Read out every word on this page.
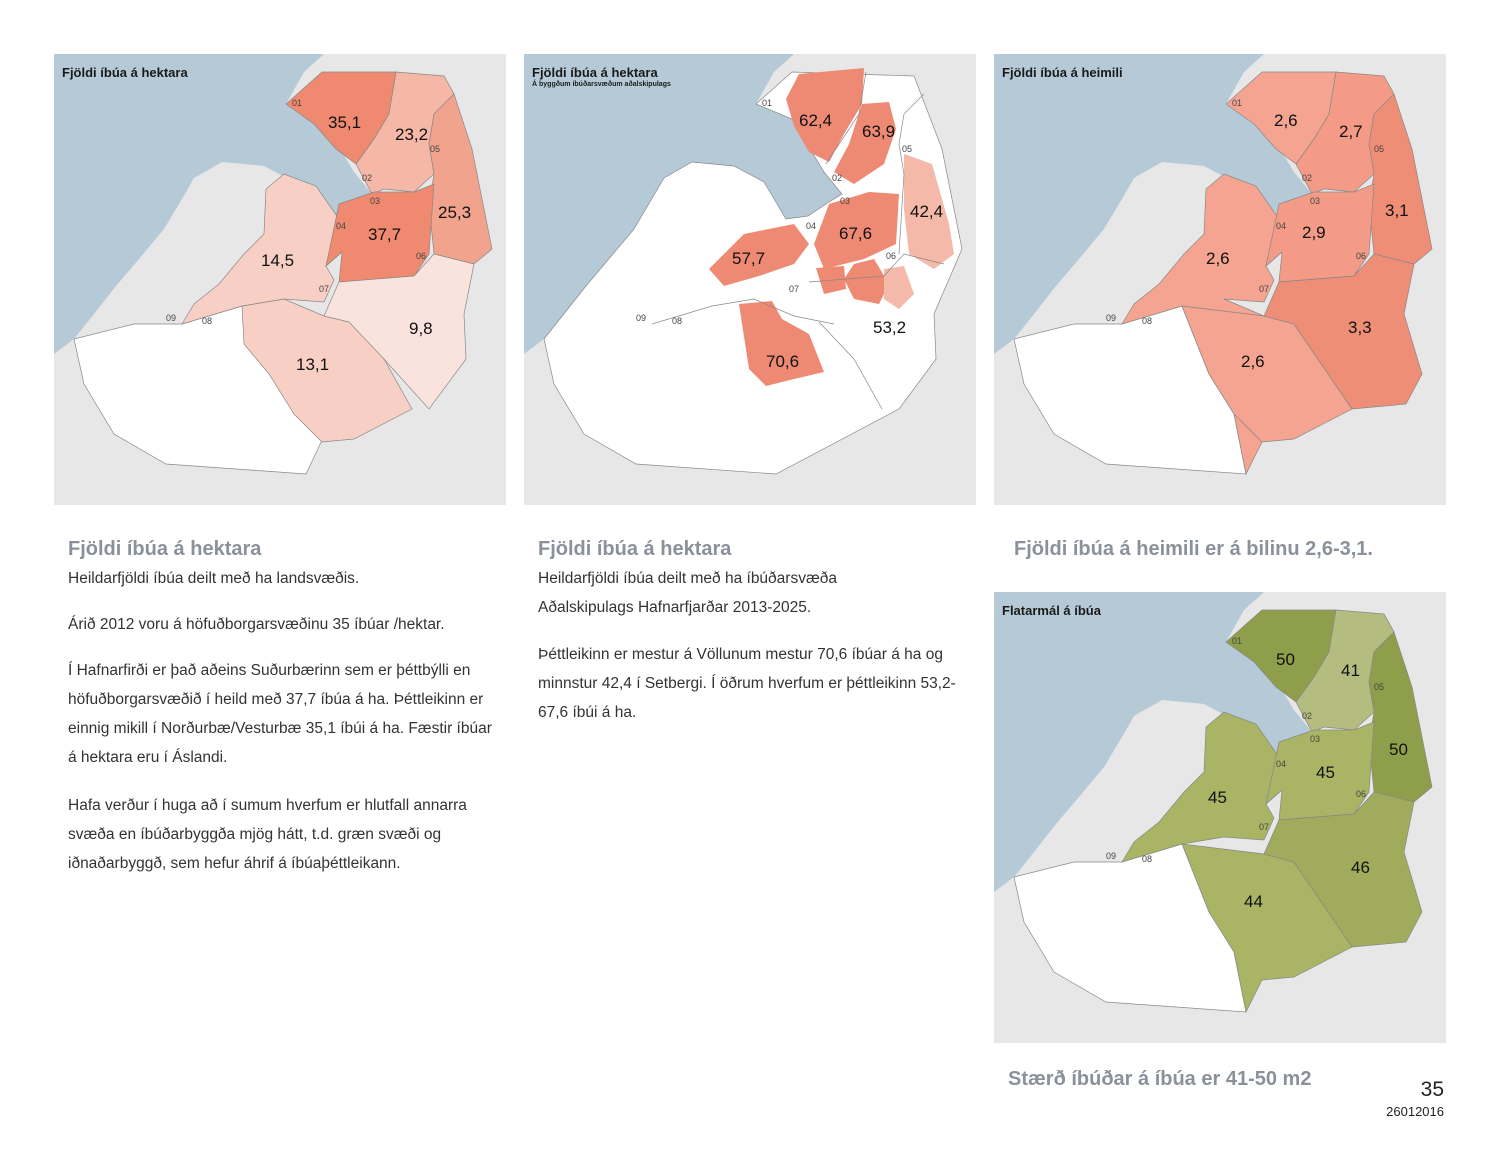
01
02
03
04
05
06
07
08
09
35,1
23,2
25,3
37,7
14,5
9,8
13,1
Fjöldi íbúa á hektara
01
02
03
04
05
06
07
08
09
62,4
63,9
42,4
67,6
57,7
53,2
70,6
Fjöldi íbúa á hektara
Á byggðum íbúðarsvæðum aðalskipulags
01
02
03
04
05
06
07
08
09
2,6
2,7
3,1
2,9
2,6
3,3
2,6
Fjöldi íbúa á heimili
01
02
03
04
05
06
07
08
09
50
41
50
45
45
46
44
Flatarmál á íbúa
Fjöldi íbúa á hektara

Heildarfjöldi íbúa deilt með ha landsvæðis.

Árið 2012 voru á höfuðborgarsvæðinu 35 íbúar /hektar.

Í Hafnarfirði er það aðeins Suðurbærinn sem er þéttbýlli en höfuðborgarsvæðið í heild með 37,7 íbúa á ha. Þéttleikinn er einnig mikill í Norðurbæ/Vesturbæ 35,1 íbúi á ha. Fæstir íbúar á hektara eru í Áslandi.

Hafa verður í huga að í sumum hverfum er hlutfall annarra svæða en íbúðarbyggða mjög hátt, t.d. græn svæði og iðnaðarbyggð, sem hefur áhrif á íbúaþéttleikann.

Fjöldi íbúa á hektara

Heildarfjöldi íbúa deilt með ha íbúðarsvæða Aðalskipulags Hafnarfjarðar 2013-2025.

Þéttleikinn er mestur á Völlunum mestur 70,6 íbúar á ha og minnstur 42,4 í Setbergi. Í öðrum hverfum er þéttleikinn 53,2-67,6 íbúi á ha.

Fjöldi íbúa á heimili er á bilinu 2,6-3,1.
Stærð íbúðar á íbúa er 41-50 m2	35
26012016
